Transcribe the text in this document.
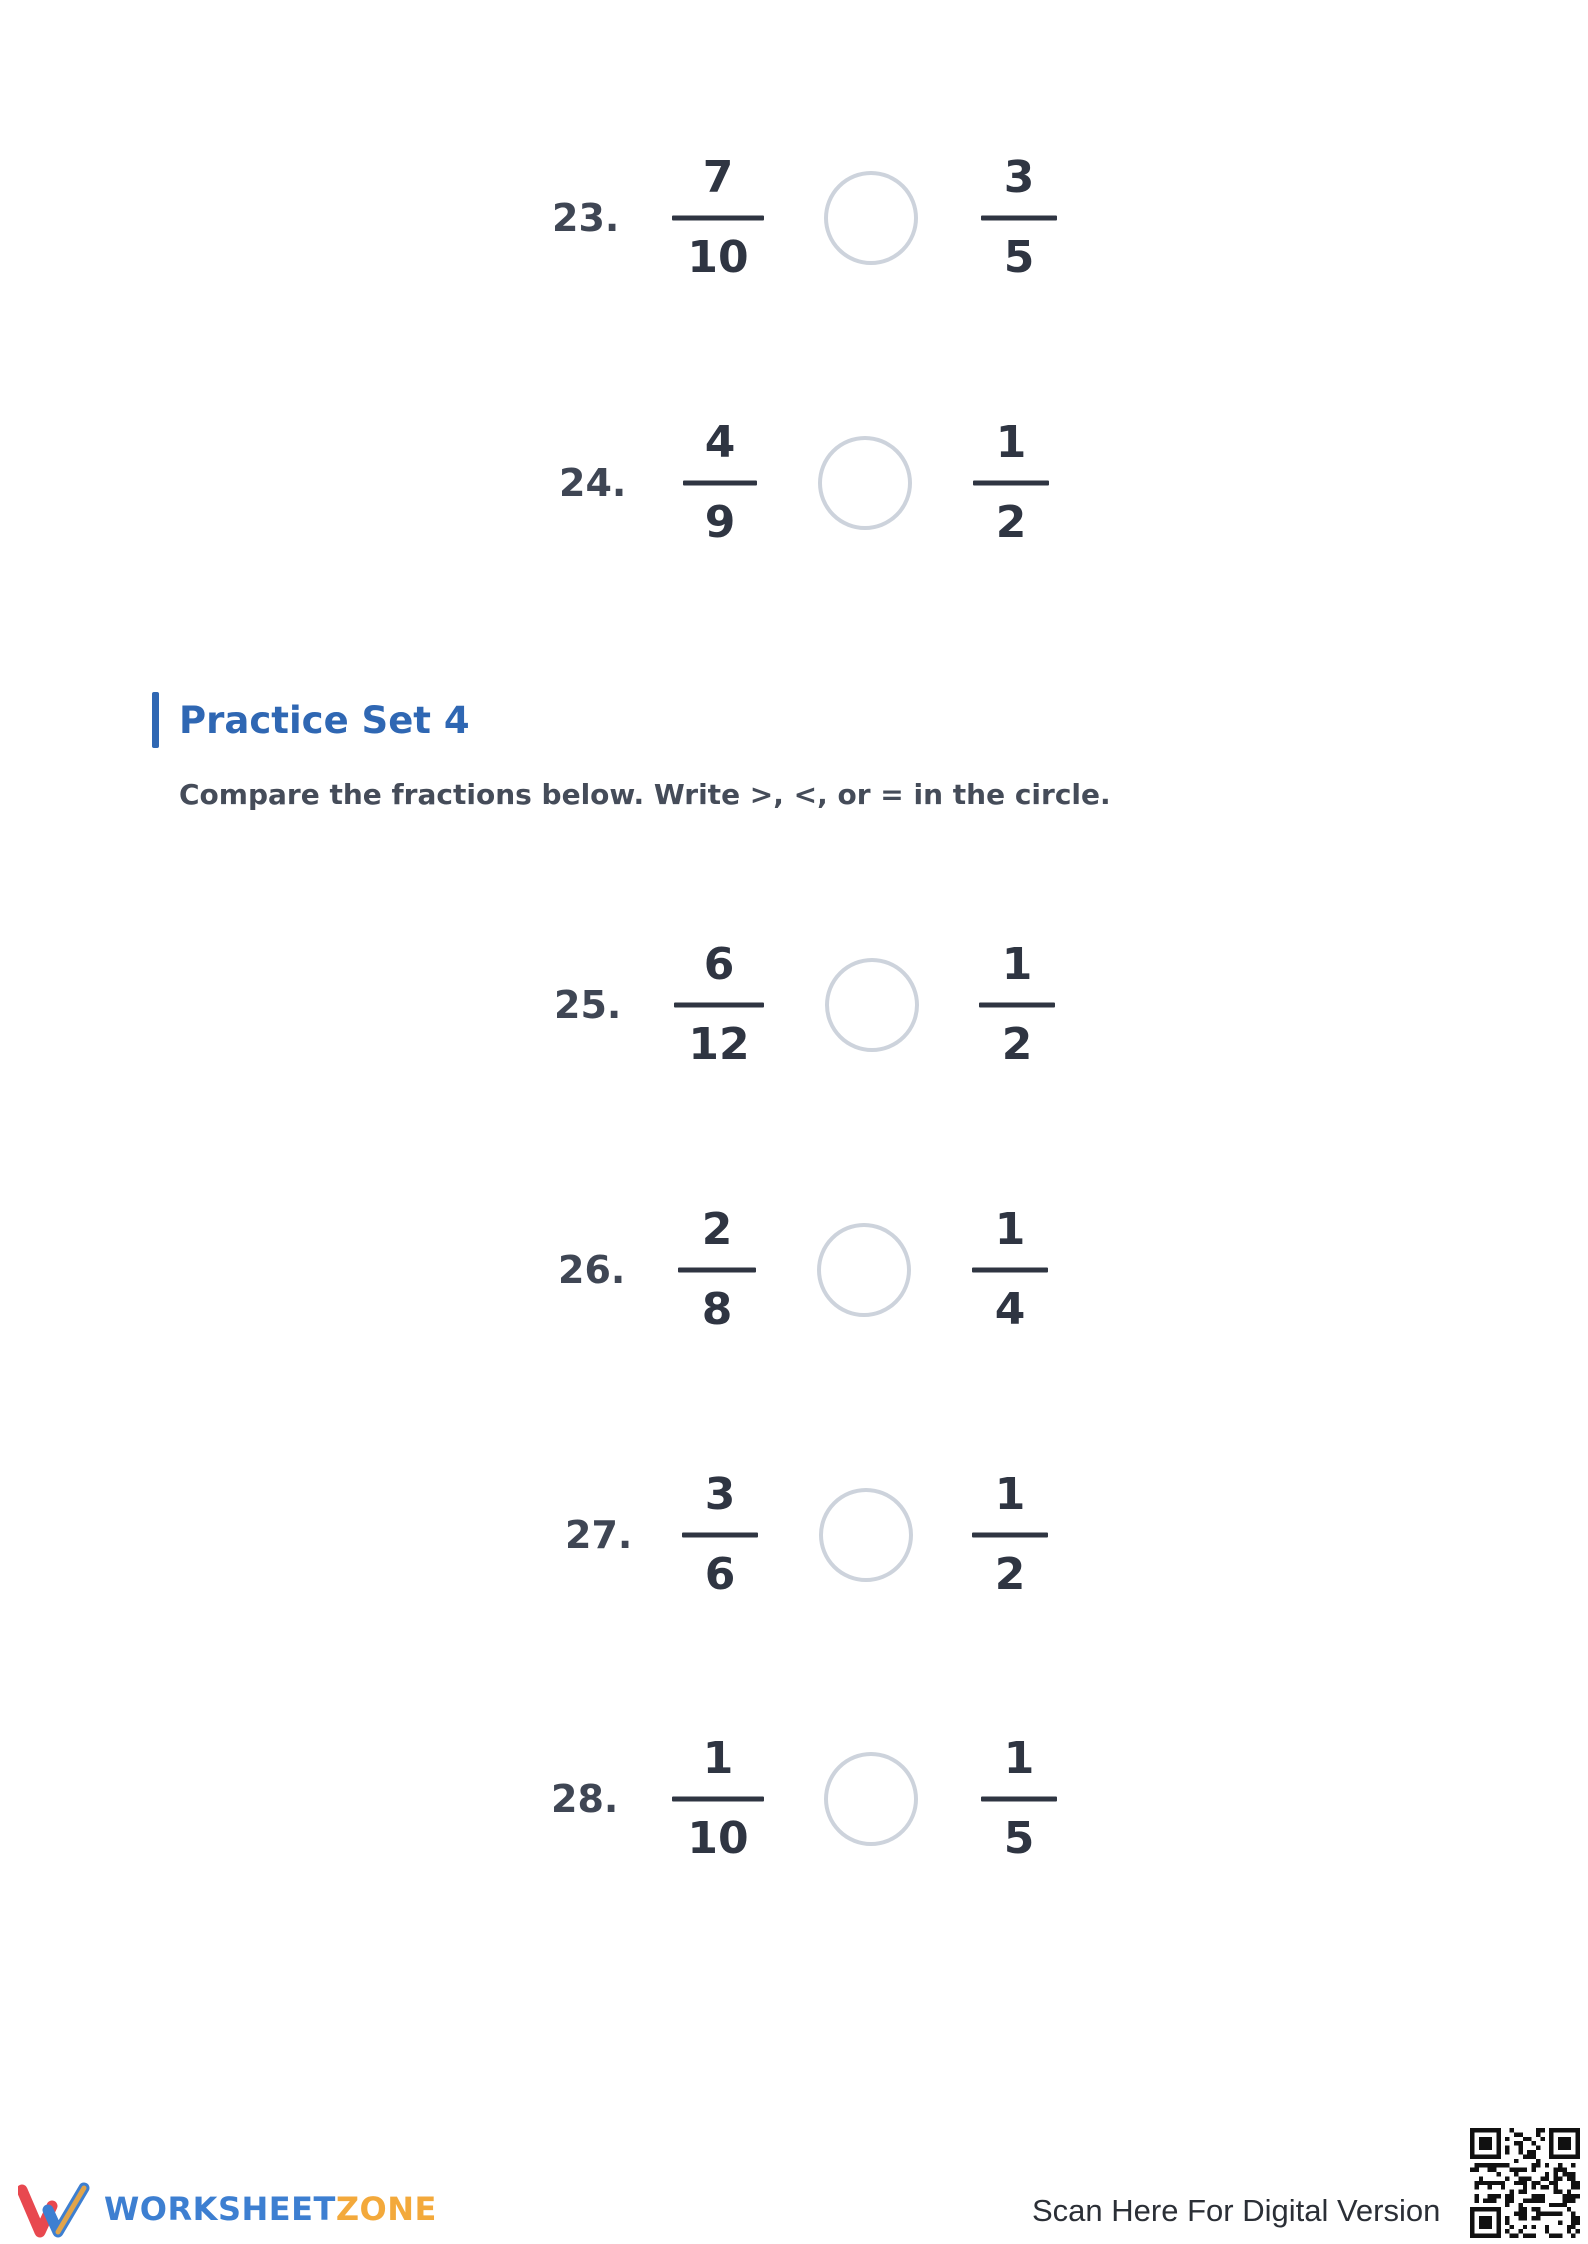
23.
7
10
3
5
24.
4
9
1
2
Practice Set 4
Compare the fractions below. Write >, <, or = in the circle.
25.
6
12
1
2
26.
2
8
1
4
27.
3
6
1
2
28.
1
10
1
5
WORKSHEETZONE	Scan Here For Digital Version
